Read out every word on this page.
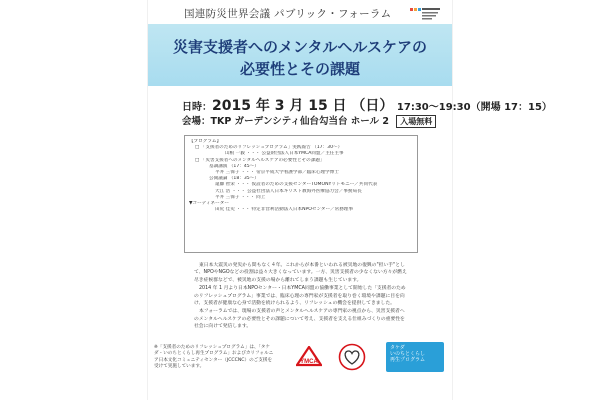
国連防災世界会議 パブリック・フォーラム
災害支援者へのメンタルヘルスケアの
必要性とその課題
日時：2015 年 3 月 15 日 （日） 17:30～19:30（開場 17：15）
会場：TKP ガーデンシティ仙台勾当台 ホール 2 入場無料
【プログラム】
□ 「支援者のためのリフレッシュプログラム」実践報告 （17：30～）
山根 一毅 ・・・ 公益財団法人日本YMCA同盟／主任主事
□ 「災害支援者へのメンタルヘルスケアの必要性とその課題」
基調講演 （17：45～）
平井 三保子 ・・・ 帝京平成大学看護学部／臨床心理学博士
公開議論 （18：35～）
遠藤 智栄 ・・・ 仮設者のための支援センターTOMONYリトモニー／共同代表
大江 浩 ・・・ 公益社団法人日本キリスト教海外医療協力会／事務局長
平井 三保子 ・・・ 同上
▼コーディネーター
田尻 佳史 ・・・ 特定非営利活動法人日本NPOセンター／常務理事

東日本大震災の発災から間もなく４年。これからが本番といわれる被災地の復興の"担い手"として、NPOやNGOなどの役割は益々大きくなっています。一方、災害支援者の少なくない方々が燃え尽き症候群などで、被災地の支援の場から離れてしまう課題も生じています。

2014 年 1 月より日本NPOセンター・日本YMCA同盟の協働事業として開始した「支援者のためのリフレッシュプログラム」事業では、臨床心理の専門家が支援者を取り巻く環境や課題に目を向け、支援者が健康な心身で活動を続けられるよう、リフレッシュの機会を提供してきました。

本フォーラムでは、現場の支援者の声とメンタルヘルスケアの専門家の視点から、災害支援者へのメンタルヘルスケアの必要性とその課題について考え、支援者を支える仕組みづくりの重要性を社会に向けて発信します。

※「支援者のためのリフレッシュプログラム」は、「タケダ・いのちとくらし再生プログラム」およびカリフォルニア日本文化コミュニティセンター（JCCCNC）のご支援を受けて実施しています。
YMCA
タケダ
いのちとくらし
再生プログラム
